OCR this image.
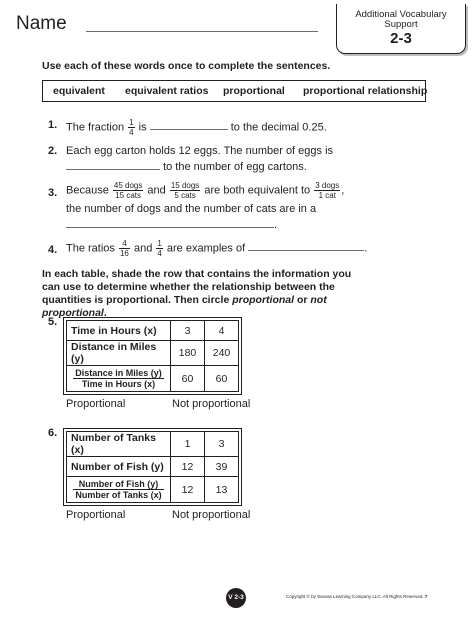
Name	Additional Vocabulary
Support
2-3
Use each of these words once to complete the sentences.
equivalent equivalent ratios proportional proportional relationship
1. The fraction $\frac{1}{4}$ is	to the decimal 0.25.
2. Each egg carton holds 12 eggs. The number of eggs is
to the number of egg cartons.
3. Because $\frac{\text{45 dogs}}{\text{15 cats}}$ and $\frac{\text{15 dogs}}{\text{5 cats}}$ are both equivalent to $\frac{\text{3 dogs}}{\text{1 cat}}$ ,
the number of dogs and the number of cats are in a
.
4. The ratios $\frac{4}{16}$ and $\frac{1}{4}$ are examples of	.
In each table, shade the row that contains the information you can use to determine whether the relationship between the quantities is proportional. Then circle proportional or not proportional.
5.
Time in Hours (x)	3	4
Distance in Miles (y)	180	240

Distance in Miles (y)
Time in Hours (x)	60	60
Proportional	Not proportional
6. Number of Tanks (x)	1	3
Number of Fish (y)	12	39

Number of Fish (y)
Number of Tanks (x)	12	13
Proportional	Not proportional
V 2-3	Copyright © by Savvas Learning Company LLC. All Rights Reserved. 7
